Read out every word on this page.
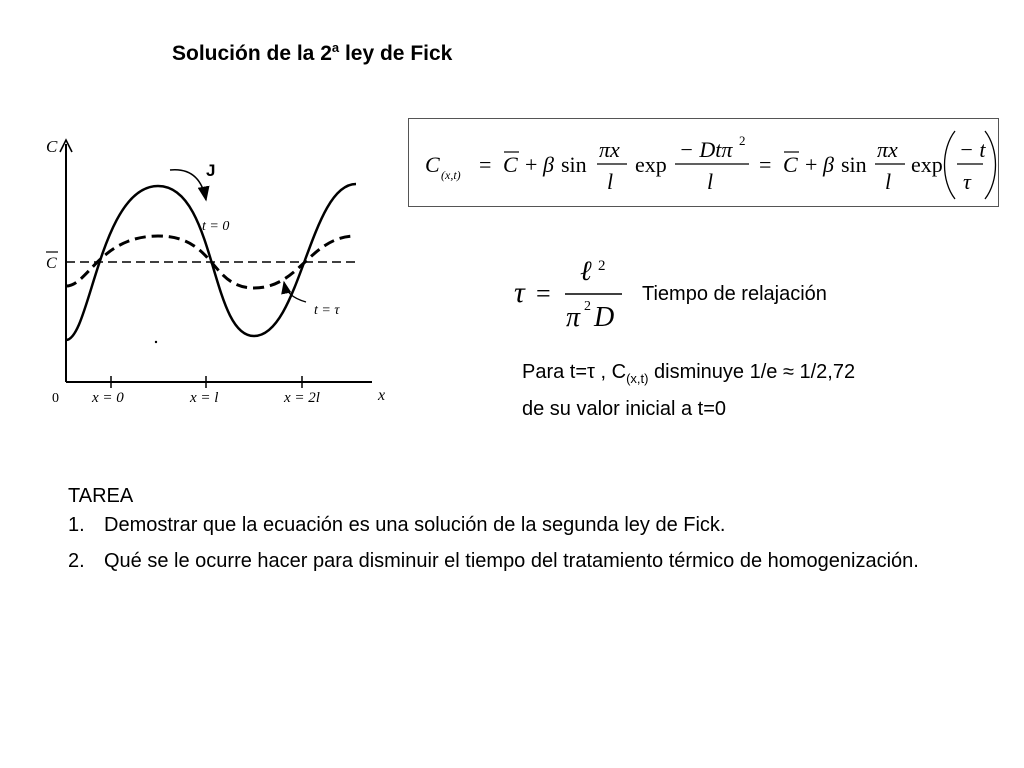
Solución de la 2$^a$ ley de Fick
C
C
0	x
x = 0	x = l	x = 2l
J
t = 0
t = τ
C (x,t) = C + β sin
πx
l
exp
− Dtπ 2
l
= C + β sin
πx
l
exp
− t
τ
τ =
ℓ 2
π 2 D
Tiempo de relajación
Para t=τ , $C_{(x,t)}$ disminuye 1/e ≈ 1/2,72
de su valor inicial a t=0
TAREA
1. Demostrar que la ecuación es una solución de la segunda ley de Fick.
2. Qué se le ocurre hacer para disminuir el tiempo del tratamiento térmico de homogenización.
